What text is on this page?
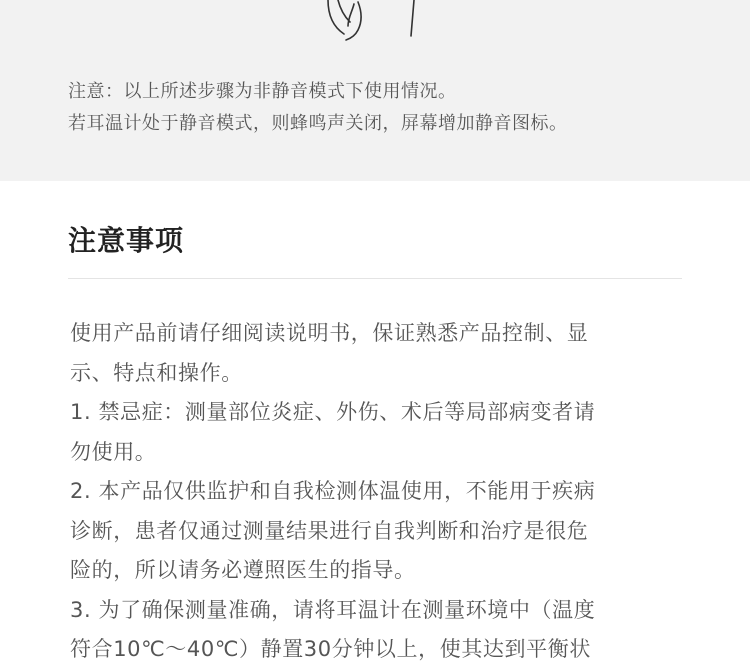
注意：以上所述步骤为非静音模式下使用情况。

若耳温计处于静音模式，则蜂鸣声关闭，屏幕增加静音图标。

注意事项
使用产品前请仔细阅读说明书，保证熟悉产品控制、显
示、特点和操作。
1. 禁忌症：测量部位炎症、外伤、术后等局部病变者请
勿使用。
2. 本产品仅供监护和自我检测体温使用，不能用于疾病
诊断，患者仅通过测量结果进行自我判断和治疗是很危
险的，所以请务必遵照医生的指导。
3. 为了确保测量准确，请将耳温计在测量环境中（温度
符合10℃～40℃）静置30分钟以上，使其达到平衡状
